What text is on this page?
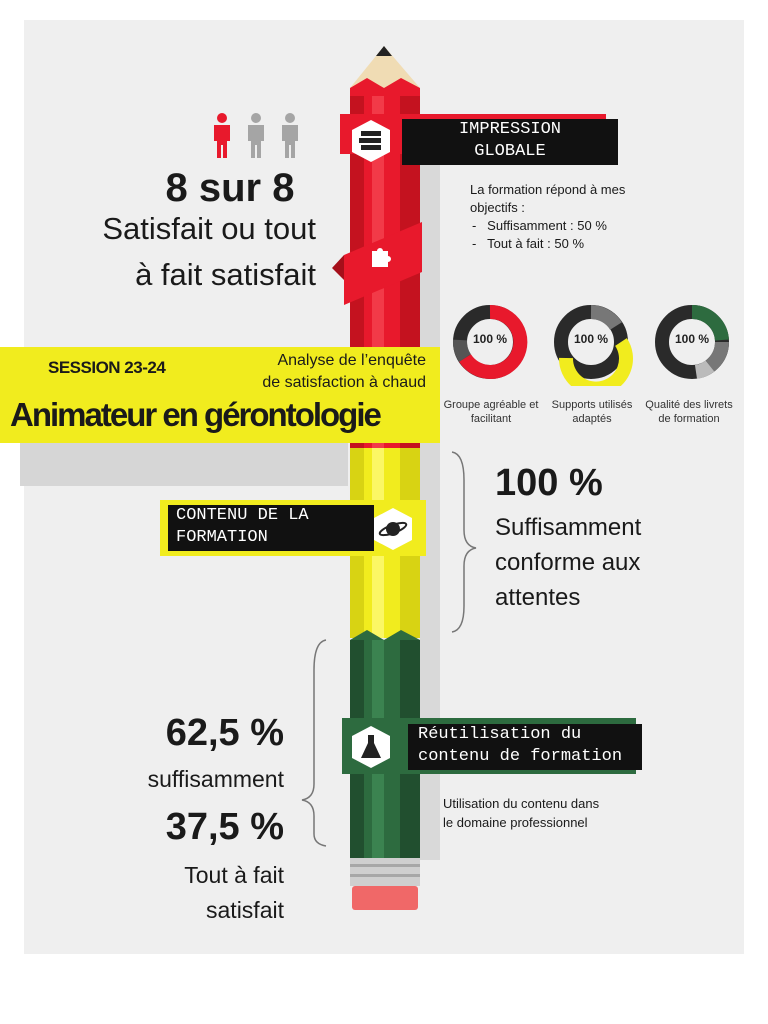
IMPRESSION
GLOBALE
CONTENU DE LA
FORMATION
Réutilisation du
contenu de formation
8 sur 8
Satisfait ou tout
à fait satisfait
La formation répond à mes
objectifs :
-   Suffisamment : 50 %
-   Tout à fait : 50 %
100 %	100 %	100 %
Groupe agréable et
facilitant
Supports utilisés
adaptés
Qualité des livrets
de formation
SESSION 23-24	Analyse de l’enquête
de satisfaction à chaud
Animateur en gérontologie
100 %
Suffisamment
conforme aux
attentes
Utilisation du contenu dans
le domaine professionnel
62,5 %
suffisamment
37,5 %
Tout à fait
satisfait
